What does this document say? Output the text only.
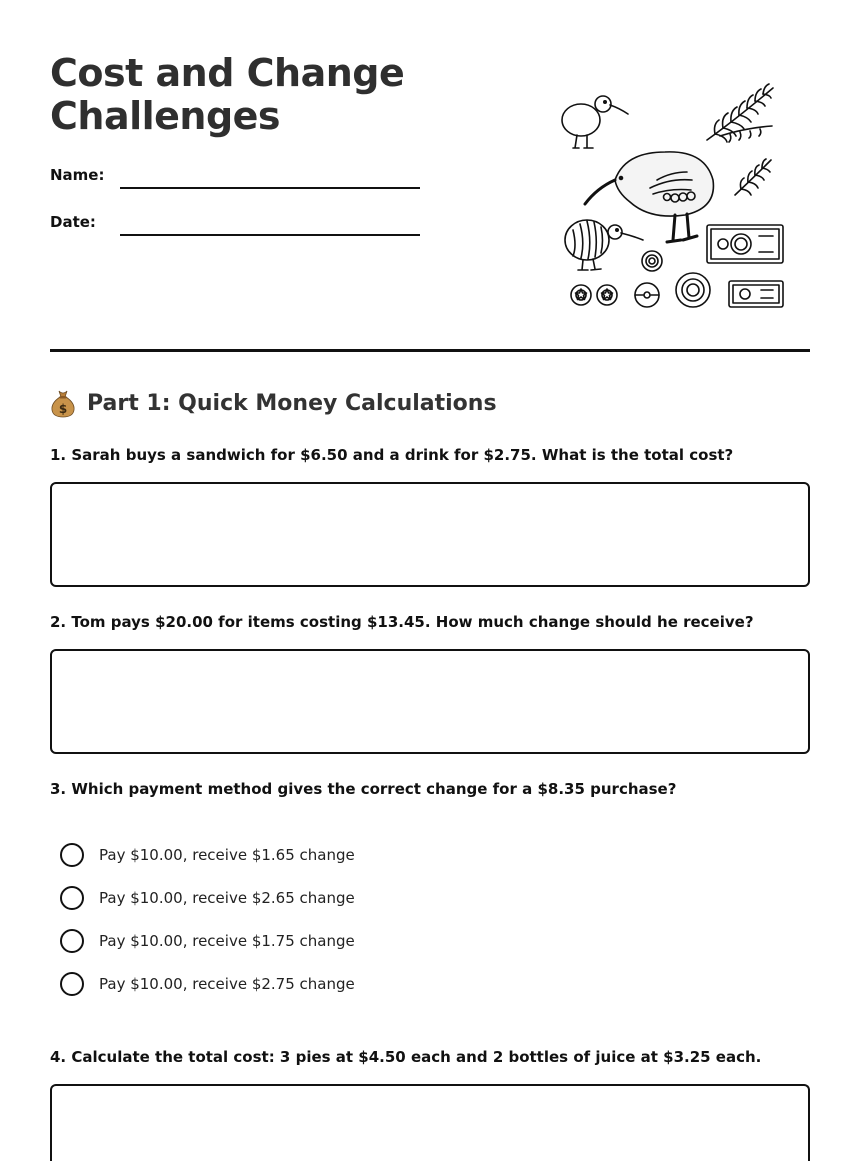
Cost and Change
Challenges
Name:
Date:
$ Part 1: Quick Money Calculations

1. Sarah buys a sandwich for $6.50 and a drink for $2.75. What is the total cost?

2. Tom pays $20.00 for items costing $13.45. How much change should he receive?

3. Which payment method gives the correct change for a $8.35 purchase?

Pay $10.00, receive $1.65 change
Pay $10.00, receive $2.65 change
Pay $10.00, receive $1.75 change
Pay $10.00, receive $2.75 change

4. Calculate the total cost: 3 pies at $4.50 each and 2 bottles of juice at $3.25 each.
